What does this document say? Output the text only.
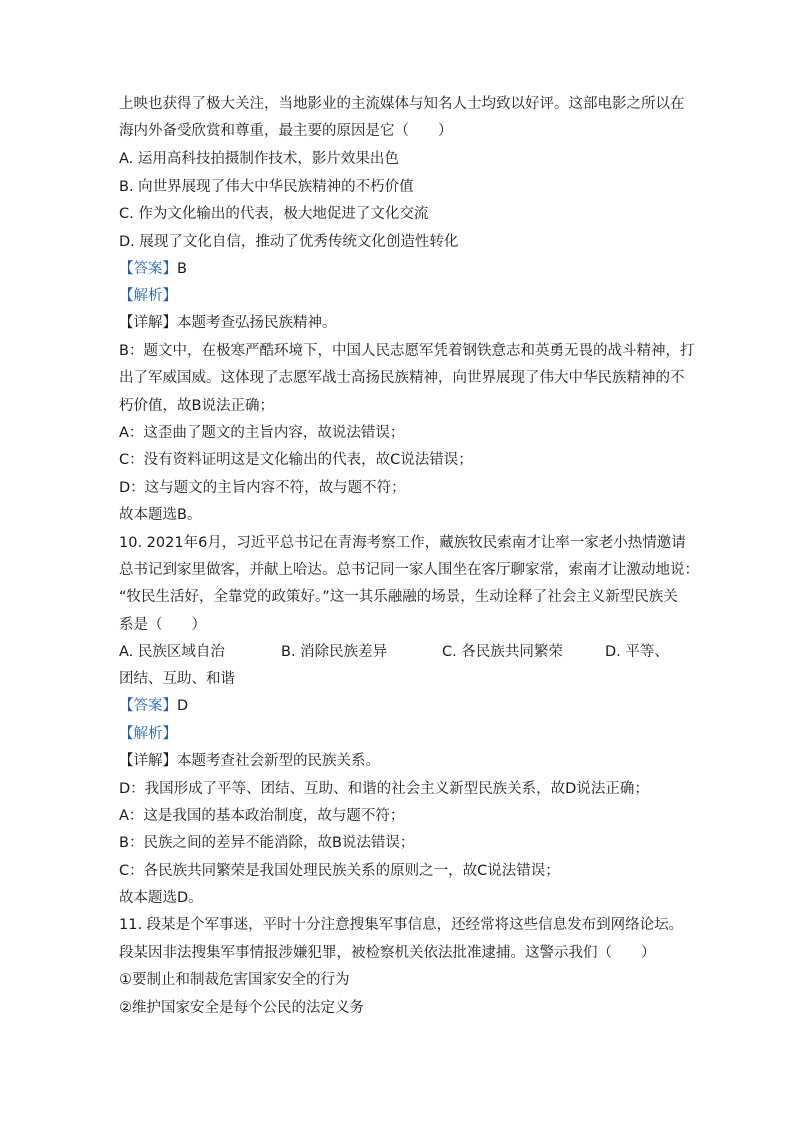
上映也获得了极大关注，当地影业的主流媒体与知名人士均致以好评。这部电影之所以在
海内外备受欣赏和尊重，最主要的原因是它（　　）
A. 运用高科技拍摄制作技术，影片效果出色
B. 向世界展现了伟大中华民族精神的不朽价值
C. 作为文化输出的代表，极大地促进了文化交流
D. 展现了文化自信，推动了优秀传统文化创造性转化
【答案】B
【解析】
【详解】本题考查弘扬民族精神。
B：题文中，在极寒严酷环境下，中国人民志愿军凭着钢铁意志和英勇无畏的战斗精神，打
出了军威国威。这体现了志愿军战士高扬民族精神，向世界展现了伟大中华民族精神的不
朽价值，故B说法正确；
A：这歪曲了题文的主旨内容，故说法错误；
C：没有资料证明这是文化输出的代表，故C说法错误；
D：这与题文的主旨内容不符，故与题不符；
故本题选B。
10. 2021年6月，习近平总书记在青海考察工作，藏族牧民索南才让率一家老小热情邀请
总书记到家里做客，并献上哈达。总书记同一家人围坐在客厅聊家常，索南才让激动地说：
“牧民生活好，全靠党的政策好。”这一其乐融融的场景，生动诠释了社会主义新型民族关
系是（　　）
A. 民族区域自治	B. 消除民族差异	C. 各民族共同繁荣	D. 平等、
团结、互助、和谐
【答案】D
【解析】
【详解】本题考查社会新型的民族关系。
D：我国形成了平等、团结、互助、和谐的社会主义新型民族关系，故D说法正确；
A：这是我国的基本政治制度，故与题不符；
B：民族之间的差异不能消除，故B说法错误；
C：各民族共同繁荣是我国处理民族关系的原则之一，故C说法错误；
故本题选D。
11. 段某是个军事迷，平时十分注意搜集军事信息，还经常将这些信息发布到网络论坛。
段某因非法搜集军事情报涉嫌犯罪，被检察机关依法批准逮捕。这警示我们（　　）
①要制止和制裁危害国家安全的行为
②维护国家安全是每个公民的法定义务
